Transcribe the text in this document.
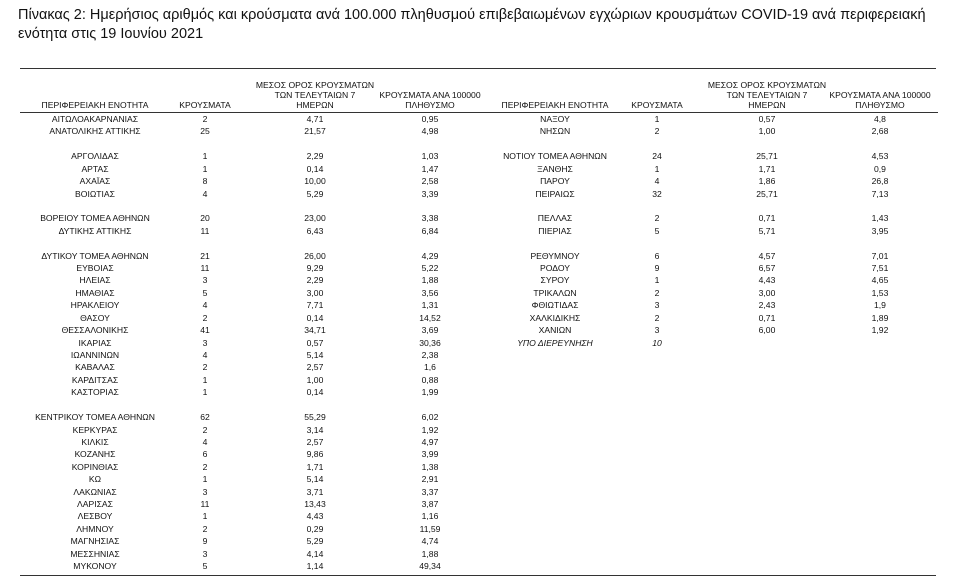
Πίνακας 2: Ημερήσιος αριθμός και κρούσματα ανά 100.000 πληθυσμού επιβεβαιωμένων εγχώριων κρουσμάτων COVID-19 ανά περιφερειακή ενότητα στις 19 Ιουνίου 2021
ΠΕΡΙΦΕΡΕΙΑΚΗ ΕΝΟΤΗΤΑ	ΚΡΟΥΣΜΑΤΑ
ΜΕΣΟΣ ΟΡΟΣ ΚΡΟΥΣΜΑΤΩΝ
ΤΩΝ ΤΕΛΕΥΤΑΙΩΝ 7
ΗΜΕΡΩΝ
ΚΡΟΥΣΜΑΤΑ ΑΝΑ 100000
ΠΛΗΘΥΣΜΟ	ΠΕΡΙΦΕΡΕΙΑΚΗ ΕΝΟΤΗΤΑ	ΚΡΟΥΣΜΑΤΑ
ΜΕΣΟΣ ΟΡΟΣ ΚΡΟΥΣΜΑΤΩΝ
ΤΩΝ ΤΕΛΕΥΤΑΙΩΝ 7
ΗΜΕΡΩΝ
ΚΡΟΥΣΜΑΤΑ ΑΝΑ 100000
ΠΛΗΘΥΣΜΟ
ΑΙΤΩΛΟΑΚΑΡΝΑΝΙΑΣ	2	4,71	0,95
ΑΝΑΤΟΛΙΚΗΣ ΑΤΤΙΚΗΣ	25	21,57	4,98
ΑΡΓΟΛΙΔΑΣ	1	2,29	1,03
ΑΡΤΑΣ	1	0,14	1,47
ΑΧΑΪΑΣ	8	10,00	2,58
ΒΟΙΩΤΙΑΣ	4	5,29	3,39
ΒΟΡΕΙΟΥ ΤΟΜΕΑ ΑΘΗΝΩΝ	20	23,00	3,38
ΔΥΤΙΚΗΣ ΑΤΤΙΚΗΣ	11	6,43	6,84
ΔΥΤΙΚΟΥ ΤΟΜΕΑ ΑΘΗΝΩΝ	21	26,00	4,29
ΕΥΒΟΙΑΣ	11	9,29	5,22
ΗΛΕΙΑΣ	3	2,29	1,88
ΗΜΑΘΙΑΣ	5	3,00	3,56
ΗΡΑΚΛΕΙΟΥ	4	7,71	1,31
ΘΑΣΟΥ	2	0,14	14,52
ΘΕΣΣΑΛΟΝΙΚΗΣ	41	34,71	3,69
ΙΚΑΡΙΑΣ	3	0,57	30,36
ΙΩΑΝΝΙΝΩΝ	4	5,14	2,38
ΚΑΒΑΛΑΣ	2	2,57	1,6
ΚΑΡΔΙΤΣΑΣ	1	1,00	0,88
ΚΑΣΤΟΡΙΑΣ	1	0,14	1,99
ΚΕΝΤΡΙΚΟΥ ΤΟΜΕΑ ΑΘΗΝΩΝ	62	55,29	6,02
ΚΕΡΚΥΡΑΣ	2	3,14	1,92
ΚΙΛΚΙΣ	4	2,57	4,97
ΚΟΖΑΝΗΣ	6	9,86	3,99
ΚΟΡΙΝΘΙΑΣ	2	1,71	1,38
ΚΩ	1	5,14	2,91
ΛΑΚΩΝΙΑΣ	3	3,71	3,37
ΛΑΡΙΣΑΣ	11	13,43	3,87
ΛΕΣΒΟΥ	1	4,43	1,16
ΛΗΜΝΟΥ	2	0,29	11,59
ΜΑΓΝΗΣΙΑΣ	9	5,29	4,74
ΜΕΣΣΗΝΙΑΣ	3	4,14	1,88
ΜΥΚΟΝΟΥ	5	1,14	49,34
ΝΑΞΟΥ	1	0,57	4,8
ΝΗΣΩΝ	2	1,00	2,68
ΝΟΤΙΟΥ ΤΟΜΕΑ ΑΘΗΝΩΝ	24	25,71	4,53
ΞΑΝΘΗΣ	1	1,71	0,9
ΠΑΡΟΥ	4	1,86	26,8
ΠΕΙΡΑΙΩΣ	32	25,71	7,13
ΠΕΛΛΑΣ	2	0,71	1,43
ΠΙΕΡΙΑΣ	5	5,71	3,95
ΡΕΘΥΜΝΟΥ	6	4,57	7,01
ΡΟΔΟΥ	9	6,57	7,51
ΣΥΡΟΥ	1	4,43	4,65
ΤΡΙΚΑΛΩΝ	2	3,00	1,53
ΦΘΙΩΤΙΔΑΣ	3	2,43	1,9
ΧΑΛΚΙΔΙΚΗΣ	2	0,71	1,89
ΧΑΝΙΩΝ	3	6,00	1,92
ΥΠΟ ΔΙΕΡΕΥΝΗΣΗ	10
